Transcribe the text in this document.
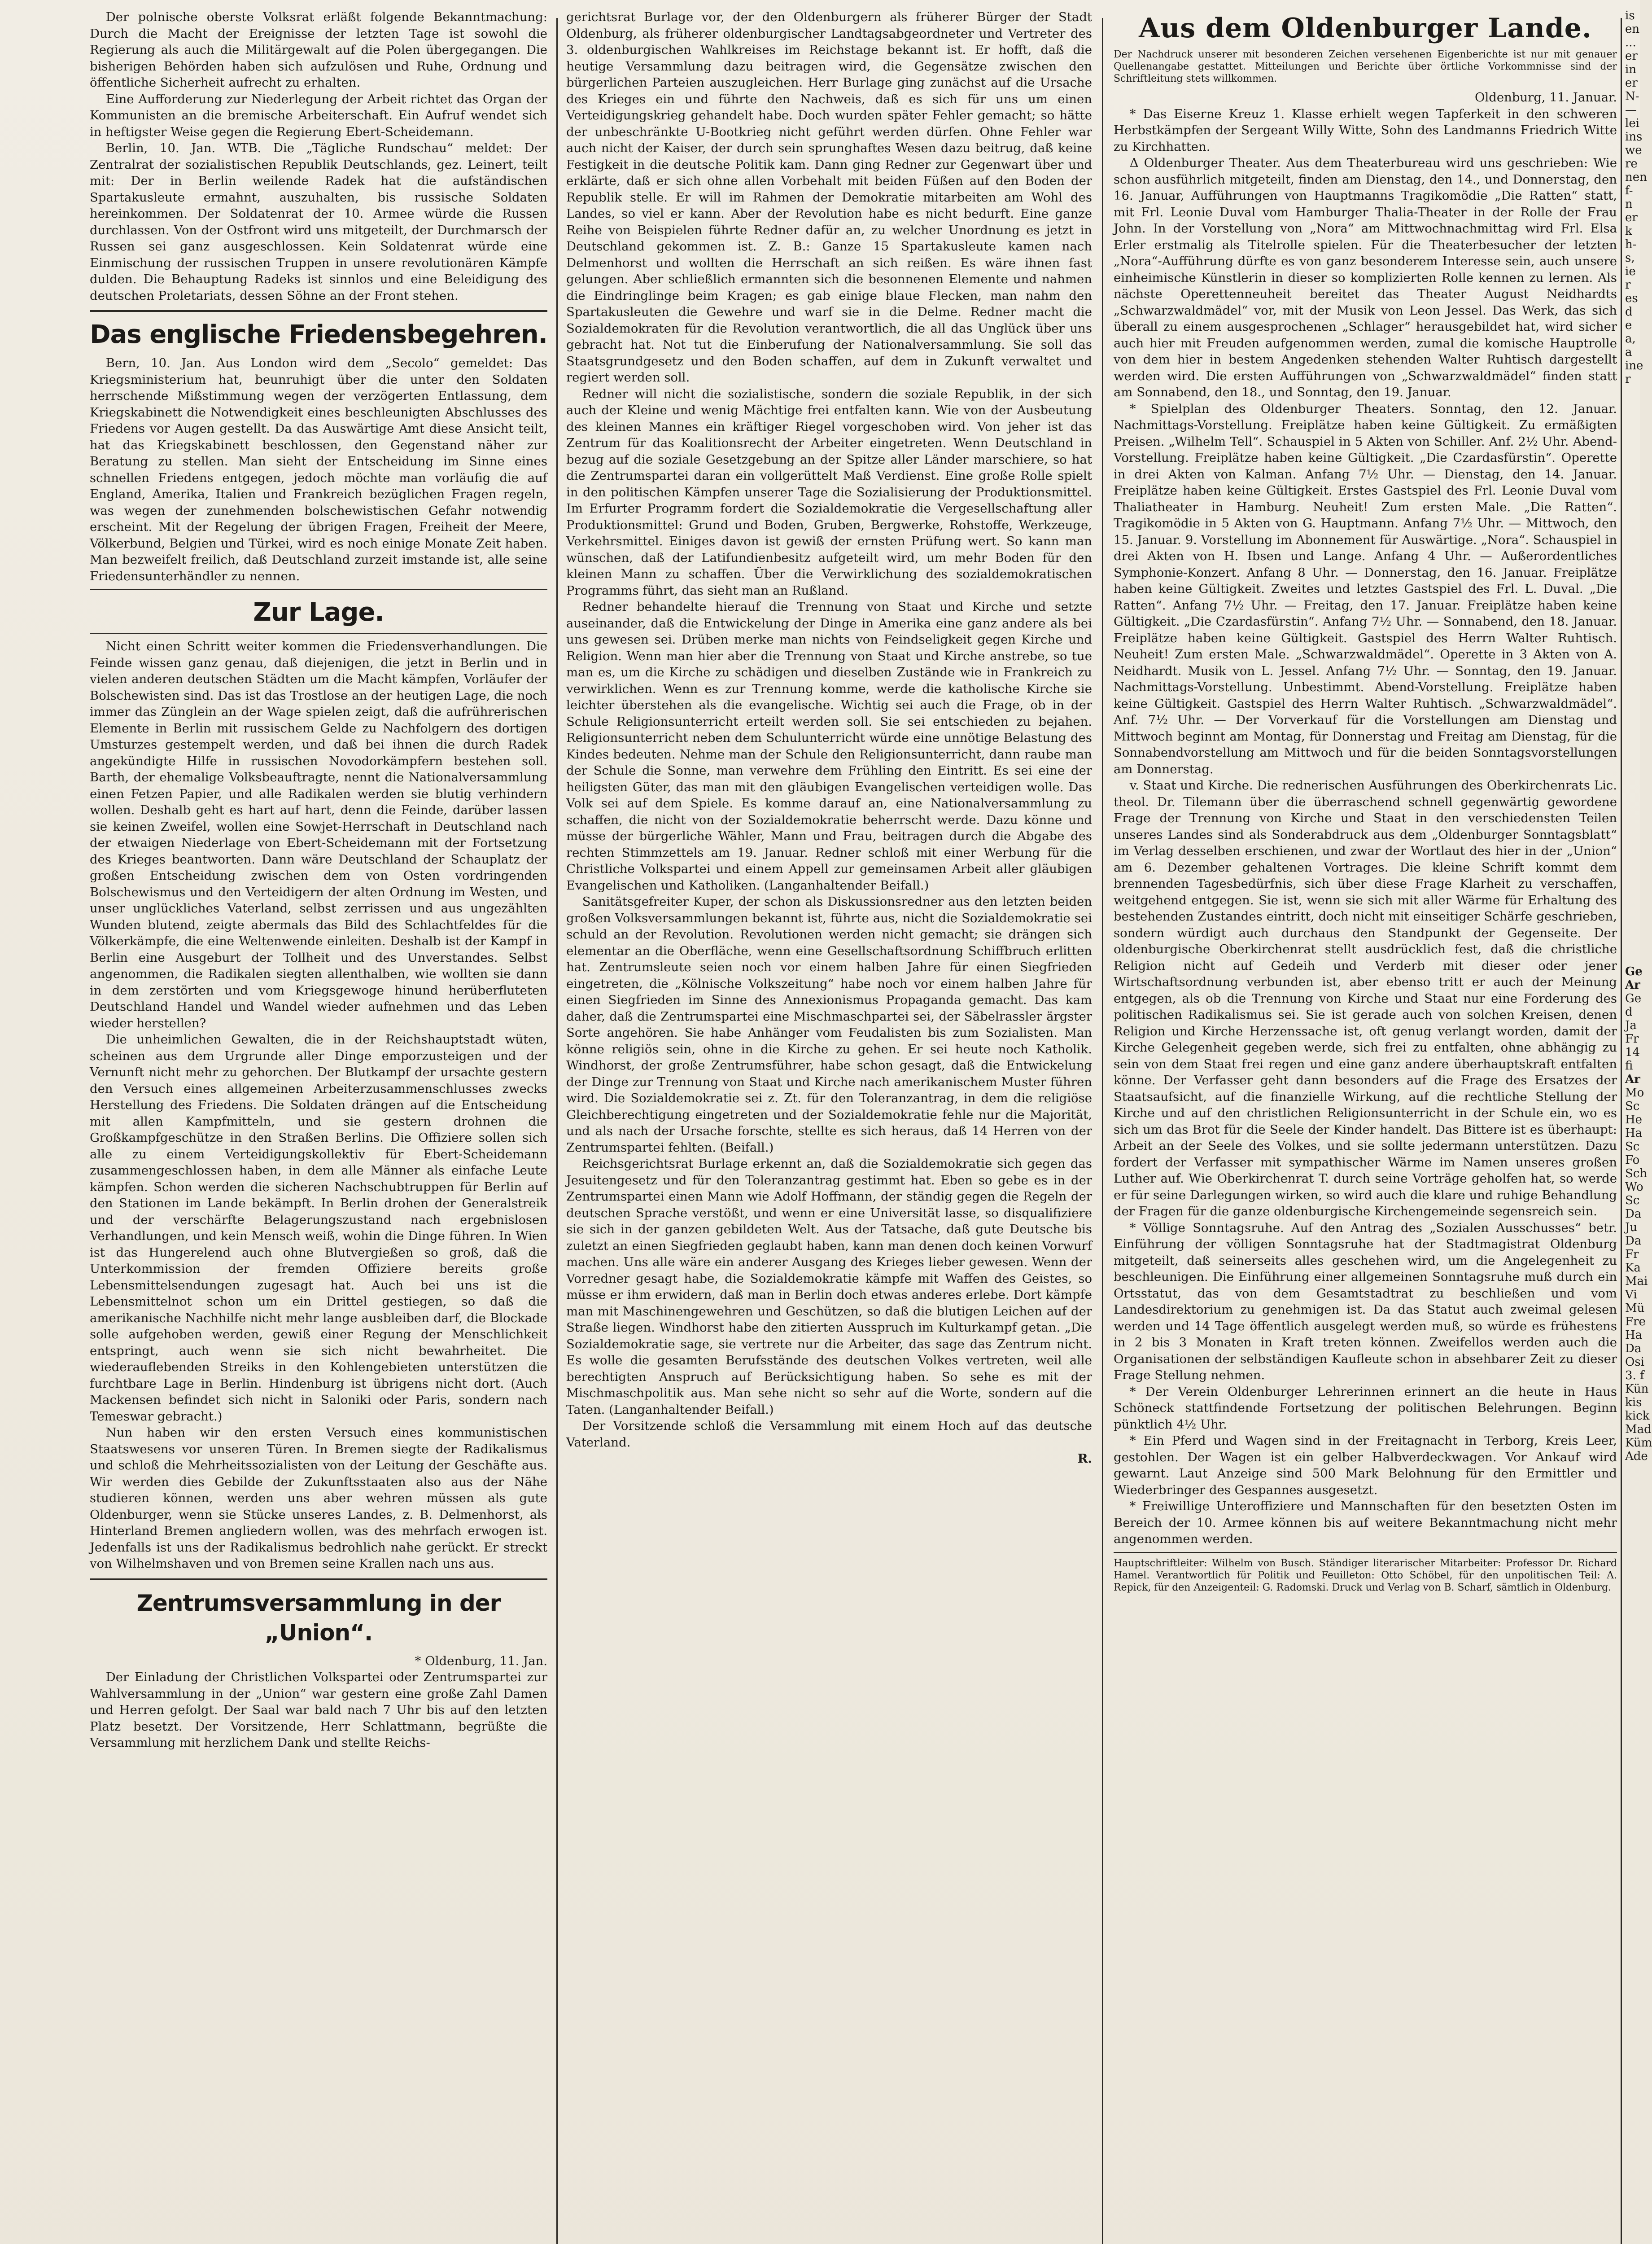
Der polnische oberste Volksrat erläßt folgende Bekanntmachung: Durch die Macht der Ereignisse der letzten Tage ist sowohl die Regierung als auch die Militärgewalt auf die Polen übergegangen. Die bisherigen Behörden haben sich aufzulösen und Ruhe, Ordnung und öffentliche Sicherheit aufrecht zu erhalten.

Eine Aufforderung zur Niederlegung der Arbeit richtet das Organ der Kommunisten an die bremische Arbeiterschaft. Ein Aufruf wendet sich in heftigster Weise gegen die Regierung Ebert-Scheidemann.

Berlin, 10. Jan. WTB. Die „Tägliche Rundschau“ meldet: Der Zentralrat der sozialistischen Republik Deutschlands, gez. Leinert, teilt mit: Der in Berlin weilende Radek hat die aufständischen Spartakusleute ermahnt, auszuhalten, bis russische Soldaten hereinkommen. Der Soldatenrat der 10. Armee würde die Russen durchlassen. Von der Ostfront wird uns mitgeteilt, der Durchmarsch der Russen sei ganz ausgeschlossen. Kein Soldatenrat würde eine Einmischung der russischen Truppen in unsere revolutionären Kämpfe dulden. Die Behauptung Radeks ist sinnlos und eine Beleidigung des deutschen Proletariats, dessen Söhne an der Front stehen.

Das englische Friedensbegehren.

Bern, 10. Jan. Aus London wird dem „Secolo“ gemeldet: Das Kriegsministerium hat, beunruhigt über die unter den Soldaten herrschende Mißstimmung wegen der verzögerten Entlassung, dem Kriegskabinett die Notwendigkeit eines beschleunigten Abschlusses des Friedens vor Augen gestellt. Da das Auswärtige Amt diese Ansicht teilt, hat das Kriegskabinett beschlossen, den Gegenstand näher zur Beratung zu stellen. Man sieht der Entscheidung im Sinne eines schnellen Friedens entgegen, jedoch möchte man vorläufig die auf England, Amerika, Italien und Frankreich bezüglichen Fragen regeln, was wegen der zunehmenden bolschewistischen Gefahr notwendig erscheint. Mit der Regelung der übrigen Fragen, Freiheit der Meere, Völkerbund, Belgien und Türkei, wird es noch einige Monate Zeit haben. Man bezweifelt freilich, daß Deutschland zurzeit imstande ist, alle seine Friedensunterhändler zu nennen.

Zur Lage.

Nicht einen Schritt weiter kommen die Friedensverhandlungen. Die Feinde wissen ganz genau, daß diejenigen, die jetzt in Berlin und in vielen anderen deutschen Städten um die Macht kämpfen, Vorläufer der Bolschewisten sind. Das ist das Trostlose an der heutigen Lage, die noch immer das Zünglein an der Wage spielen zeigt, daß die aufrührerischen Elemente in Berlin mit russischem Gelde zu Nachfolgern des dortigen Umsturzes gestempelt werden, und daß bei ihnen die durch Radek angekündigte Hilfe in russischen Novodorkämpfern bestehen soll. Barth, der ehemalige Volksbeauftragte, nennt die Nationalversammlung einen Fetzen Papier, und alle Radikalen werden sie blutig verhindern wollen. Deshalb geht es hart auf hart, denn die Feinde, darüber lassen sie keinen Zweifel, wollen eine Sowjet-Herrschaft in Deutschland nach der etwaigen Niederlage von Ebert-Scheidemann mit der Fortsetzung des Krieges beantworten. Dann wäre Deutschland der Schauplatz der großen Entscheidung zwischen dem von Osten vordringenden Bolschewismus und den Verteidigern der alten Ordnung im Westen, und unser unglückliches Vaterland, selbst zerrissen und aus ungezählten Wunden blutend, zeigte abermals das Bild des Schlachtfeldes für die Völkerkämpfe, die eine Weltenwende einleiten. Deshalb ist der Kampf in Berlin eine Ausgeburt der Tollheit und des Unverstandes. Selbst angenommen, die Radikalen siegten allenthalben, wie wollten sie dann in dem zerstörten und vom Kriegsgewoge hinund herüberfluteten Deutschland Handel und Wandel wieder aufnehmen und das Leben wieder herstellen?

Die unheimlichen Gewalten, die in der Reichshauptstadt wüten, scheinen aus dem Urgrunde aller Dinge emporzusteigen und der Vernunft nicht mehr zu gehorchen. Der Blutkampf der ursachte gestern den Versuch eines allgemeinen Arbeiterzusammenschlusses zwecks Herstellung des Friedens. Die Soldaten drängen auf die Entscheidung mit allen Kampfmitteln, und sie gestern drohnen die Großkampfgeschütze in den Straßen Berlins. Die Offiziere sollen sich alle zu einem Verteidigungskollektiv für Ebert-Scheidemann zusammengeschlossen haben, in dem alle Männer als einfache Leute kämpfen. Schon werden die sicheren Nachschubtruppen für Berlin auf den Stationen im Lande bekämpft. In Berlin drohen der Generalstreik und der verschärfte Belagerungszustand nach ergebnislosen Verhandlungen, und kein Mensch weiß, wohin die Dinge führen. In Wien ist das Hungerelend auch ohne Blutvergießen so groß, daß die Unterkommission der fremden Offiziere bereits große Lebensmittelsendungen zugesagt hat. Auch bei uns ist die Lebensmittelnot schon um ein Drittel gestiegen, so daß die amerikanische Nachhilfe nicht mehr lange ausbleiben darf, die Blockade solle aufgehoben werden, gewiß einer Regung der Menschlichkeit entspringt, auch wenn sie sich nicht bewahrheitet. Die wiederauflebenden Streiks in den Kohlengebieten unterstützen die furchtbare Lage in Berlin. Hindenburg ist übrigens nicht dort. (Auch Mackensen befindet sich nicht in Saloniki oder Paris, sondern nach Temeswar gebracht.)

Nun haben wir den ersten Versuch eines kommunistischen Staatswesens vor unseren Türen. In Bremen siegte der Radikalismus und schloß die Mehrheitssozialisten von der Leitung der Geschäfte aus. Wir werden dies Gebilde der Zukunftsstaaten also aus der Nähe studieren können, werden uns aber wehren müssen als gute Oldenburger, wenn sie Stücke unseres Landes, z. B. Delmenhorst, als Hinterland Bremen angliedern wollen, was des mehrfach erwogen ist. Jedenfalls ist uns der Radikalismus bedrohlich nahe gerückt. Er streckt von Wilhelmshaven und von Bremen seine Krallen nach uns aus.

Zentrumsversammlung in der „Union“.

* Oldenburg, 11. Jan.

Der Einladung der Christlichen Volkspartei oder Zentrumspartei zur Wahlversammlung in der „Union“ war gestern eine große Zahl Damen und Herren gefolgt. Der Saal war bald nach 7 Uhr bis auf den letzten Platz besetzt. Der Vorsitzende, Herr Schlattmann, begrüßte die Versammlung mit herzlichem Dank und stellte Reichs-

gerichtsrat Burlage vor, der den Oldenburgern als früherer Bürger der Stadt Oldenburg, als früherer oldenburgischer Landtagsabgeordneter und Vertreter des 3. oldenburgischen Wahlkreises im Reichstage bekannt ist. Er hofft, daß die heutige Versammlung dazu beitragen wird, die Gegensätze zwischen den bürgerlichen Parteien auszugleichen. Herr Burlage ging zunächst auf die Ursache des Krieges ein und führte den Nachweis, daß es sich für uns um einen Verteidigungskrieg gehandelt habe. Doch wurden später Fehler gemacht; so hätte der unbeschränkte U-Bootkrieg nicht geführt werden dürfen. Ohne Fehler war auch nicht der Kaiser, der durch sein sprunghaftes Wesen dazu beitrug, daß keine Festigkeit in die deutsche Politik kam. Dann ging Redner zur Gegenwart über und erklärte, daß er sich ohne allen Vorbehalt mit beiden Füßen auf den Boden der Republik stelle. Er will im Rahmen der Demokratie mitarbeiten am Wohl des Landes, so viel er kann. Aber der Revolution habe es nicht bedurft. Eine ganze Reihe von Beispielen führte Redner dafür an, zu welcher Unordnung es jetzt in Deutschland gekommen ist. Z. B.: Ganze 15 Spartakusleute kamen nach Delmenhorst und wollten die Herrschaft an sich reißen. Es wäre ihnen fast gelungen. Aber schließlich ermannten sich die besonnenen Elemente und nahmen die Eindringlinge beim Kragen; es gab einige blaue Flecken, man nahm den Spartakusleuten die Gewehre und warf sie in die Delme. Redner macht die Sozialdemokraten für die Revolution verantwortlich, die all das Unglück über uns gebracht hat. Not tut die Einberufung der Nationalversammlung. Sie soll das Staatsgrundgesetz und den Boden schaffen, auf dem in Zukunft verwaltet und regiert werden soll.

Redner will nicht die sozialistische, sondern die soziale Republik, in der sich auch der Kleine und wenig Mächtige frei entfalten kann. Wie von der Ausbeutung des kleinen Mannes ein kräftiger Riegel vorgeschoben wird. Von jeher ist das Zentrum für das Koalitionsrecht der Arbeiter eingetreten. Wenn Deutschland in bezug auf die soziale Gesetzgebung an der Spitze aller Länder marschiere, so hat die Zentrumspartei daran ein vollgerüttelt Maß Verdienst. Eine große Rolle spielt in den politischen Kämpfen unserer Tage die Sozialisierung der Produktionsmittel. Im Erfurter Programm fordert die Sozialdemokratie die Vergesellschaftung aller Produktionsmittel: Grund und Boden, Gruben, Bergwerke, Rohstoffe, Werkzeuge, Verkehrsmittel. Einiges davon ist gewiß der ernsten Prüfung wert. So kann man wünschen, daß der Latifundienbesitz aufgeteilt wird, um mehr Boden für den kleinen Mann zu schaffen. Über die Verwirklichung des sozialdemokratischen Programms führt, das sieht man an Rußland.

Redner behandelte hierauf die Trennung von Staat und Kirche und setzte auseinander, daß die Entwickelung der Dinge in Amerika eine ganz andere als bei uns gewesen sei. Drüben merke man nichts von Feindseligkeit gegen Kirche und Religion. Wenn man hier aber die Trennung von Staat und Kirche anstrebe, so tue man es, um die Kirche zu schädigen und dieselben Zustände wie in Frankreich zu verwirklichen. Wenn es zur Trennung komme, werde die katholische Kirche sie leichter überstehen als die evangelische. Wichtig sei auch die Frage, ob in der Schule Religionsunterricht erteilt werden soll. Sie sei entschieden zu bejahen. Religionsunterricht neben dem Schulunterricht würde eine unnötige Belastung des Kindes bedeuten. Nehme man der Schule den Religionsunterricht, dann raube man der Schule die Sonne, man verwehre dem Frühling den Eintritt. Es sei eine der heiligsten Güter, das man mit den gläubigen Evangelischen verteidigen wolle. Das Volk sei auf dem Spiele. Es komme darauf an, eine Nationalversammlung zu schaffen, die nicht von der Sozialdemokratie beherrscht werde. Dazu könne und müsse der bürgerliche Wähler, Mann und Frau, beitragen durch die Abgabe des rechten Stimmzettels am 19. Januar. Redner schloß mit einer Werbung für die Christliche Volkspartei und einem Appell zur gemeinsamen Arbeit aller gläubigen Evangelischen und Katholiken. (Langanhaltender Beifall.)

Sanitätsgefreiter Kuper, der schon als Diskussionsredner aus den letzten beiden großen Volksversammlungen bekannt ist, führte aus, nicht die Sozialdemokratie sei schuld an der Revolution. Revolutionen werden nicht gemacht; sie drängen sich elementar an die Oberfläche, wenn eine Gesellschaftsordnung Schiffbruch erlitten hat. Zentrumsleute seien noch vor einem halben Jahre für einen Siegfrieden eingetreten, die „Kölnische Volkszeitung“ habe noch vor einem halben Jahre für einen Siegfrieden im Sinne des Annexionismus Propaganda gemacht. Das kam daher, daß die Zentrumspartei eine Mischmaschpartei sei, der Säbelrassler ärgster Sorte angehören. Sie habe Anhänger vom Feudalisten bis zum Sozialisten. Man könne religiös sein, ohne in die Kirche zu gehen. Er sei heute noch Katholik. Windhorst, der große Zentrumsführer, habe schon gesagt, daß die Entwickelung der Dinge zur Trennung von Staat und Kirche nach amerikanischem Muster führen wird. Die Sozialdemokratie sei z. Zt. für den Toleranzantrag, in dem die religiöse Gleichberechtigung eingetreten und der Sozialdemokratie fehle nur die Majorität, und als nach der Ursache forschte, stellte es sich heraus, daß 14 Herren von der Zentrumspartei fehlten. (Beifall.)

Reichsgerichtsrat Burlage erkennt an, daß die Sozialdemokratie sich gegen das Jesuitengesetz und für den Toleranzantrag gestimmt hat. Eben so gebe es in der Zentrumspartei einen Mann wie Adolf Hoffmann, der ständig gegen die Regeln der deutschen Sprache verstößt, und wenn er eine Universität lasse, so disqualifiziere sie sich in der ganzen gebildeten Welt. Aus der Tatsache, daß gute Deutsche bis zuletzt an einen Siegfrieden geglaubt haben, kann man denen doch keinen Vorwurf machen. Uns alle wäre ein anderer Ausgang des Krieges lieber gewesen. Wenn der Vorredner gesagt habe, die Sozialdemokratie kämpfe mit Waffen des Geistes, so müsse er ihm erwidern, daß man in Berlin doch etwas anderes erlebe. Dort kämpfe man mit Maschinengewehren und Geschützen, so daß die blutigen Leichen auf der Straße liegen. Windhorst habe den zitierten Ausspruch im Kulturkampf getan. „Die Sozialdemokratie sage, sie vertrete nur die Arbeiter, das sage das Zentrum nicht. Es wolle die gesamten Berufsstände des deutschen Volkes vertreten, weil alle berechtigten Anspruch auf Berücksichtigung haben. So sehe es mit der Mischmaschpolitik aus. Man sehe nicht so sehr auf die Worte, sondern auf die Taten. (Langanhaltender Beifall.)

Der Vorsitzende schloß die Versammlung mit einem Hoch auf das deutsche Vaterland.

R.

Aus dem Oldenburger Lande.

Der Nachdruck unserer mit besonderen Zeichen versehenen Eigenberichte ist nur mit genauer Quellenangabe gestattet. Mitteilungen und Berichte über örtliche Vorkommnisse sind der Schriftleitung stets willkommen.

Oldenburg, 11. Januar.

* Das Eiserne Kreuz 1. Klasse erhielt wegen Tapferkeit in den schweren Herbstkämpfen der Sergeant Willy Witte, Sohn des Landmanns Friedrich Witte zu Kirchhatten.

Δ Oldenburger Theater. Aus dem Theaterbureau wird uns geschrieben: Wie schon ausführlich mitgeteilt, finden am Dienstag, den 14., und Donnerstag, den 16. Januar, Aufführungen von Hauptmanns Tragikomödie „Die Ratten“ statt, mit Frl. Leonie Duval vom Hamburger Thalia-Theater in der Rolle der Frau John. In der Vorstellung von „Nora“ am Mittwochnachmittag wird Frl. Elsa Erler erstmalig als Titelrolle spielen. Für die Theaterbesucher der letzten „Nora“-Aufführung dürfte es von ganz besonderem Interesse sein, auch unsere einheimische Künstlerin in dieser so komplizierten Rolle kennen zu lernen. Als nächste Operettenneuheit bereitet das Theater August Neidhardts „Schwarzwaldmädel“ vor, mit der Musik von Leon Jessel. Das Werk, das sich überall zu einem ausgesprochenen „Schlager“ herausgebildet hat, wird sicher auch hier mit Freuden aufgenommen werden, zumal die komische Hauptrolle von dem hier in bestem Angedenken stehenden Walter Ruhtisch dargestellt werden wird. Die ersten Aufführungen von „Schwarzwaldmädel“ finden statt am Sonnabend, den 18., und Sonntag, den 19. Januar.

* Spielplan des Oldenburger Theaters. Sonntag, den 12. Januar. Nachmittags-Vorstellung. Freiplätze haben keine Gültigkeit. Zu ermäßigten Preisen. „Wilhelm Tell“. Schauspiel in 5 Akten von Schiller. Anf. 2½ Uhr. Abend-Vorstellung. Freiplätze haben keine Gültigkeit. „Die Czardasfürstin“. Operette in drei Akten von Kalman. Anfang 7½ Uhr. — Dienstag, den 14. Januar. Freiplätze haben keine Gültigkeit. Erstes Gastspiel des Frl. Leonie Duval vom Thaliatheater in Hamburg. Neuheit! Zum ersten Male. „Die Ratten“. Tragikomödie in 5 Akten von G. Hauptmann. Anfang 7½ Uhr. — Mittwoch, den 15. Januar. 9. Vorstellung im Abonnement für Auswärtige. „Nora“. Schauspiel in drei Akten von H. Ibsen und Lange. Anfang 4 Uhr. — Außerordentliches Symphonie-Konzert. Anfang 8 Uhr. — Donnerstag, den 16. Januar. Freiplätze haben keine Gültigkeit. Zweites und letztes Gastspiel des Frl. L. Duval. „Die Ratten“. Anfang 7½ Uhr. — Freitag, den 17. Januar. Freiplätze haben keine Gültigkeit. „Die Czardasfürstin“. Anfang 7½ Uhr. — Sonnabend, den 18. Januar. Freiplätze haben keine Gültigkeit. Gastspiel des Herrn Walter Ruhtisch. Neuheit! Zum ersten Male. „Schwarzwaldmädel“. Operette in 3 Akten von A. Neidhardt. Musik von L. Jessel. Anfang 7½ Uhr. — Sonntag, den 19. Januar. Nachmittags-Vorstellung. Unbestimmt. Abend-Vorstellung. Freiplätze haben keine Gültigkeit. Gastspiel des Herrn Walter Ruhtisch. „Schwarzwaldmädel“. Anf. 7½ Uhr. — Der Vorverkauf für die Vorstellungen am Dienstag und Mittwoch beginnt am Montag, für Donnerstag und Freitag am Dienstag, für die Sonnabendvorstellung am Mittwoch und für die beiden Sonntagsvorstellungen am Donnerstag.

v. Staat und Kirche. Die rednerischen Ausführungen des Oberkirchenrats Lic. theol. Dr. Tilemann über die überraschend schnell gegenwärtig gewordene Frage der Trennung von Kirche und Staat in den verschiedensten Teilen unseres Landes sind als Sonderabdruck aus dem „Oldenburger Sonntagsblatt“ im Verlag desselben erschienen, und zwar der Wortlaut des hier in der „Union“ am 6. Dezember gehaltenen Vortrages. Die kleine Schrift kommt dem brennenden Tagesbedürfnis, sich über diese Frage Klarheit zu verschaffen, weitgehend entgegen. Sie ist, wenn sie sich mit aller Wärme für Erhaltung des bestehenden Zustandes eintritt, doch nicht mit einseitiger Schärfe geschrieben, sondern würdigt auch durchaus den Standpunkt der Gegenseite. Der oldenburgische Oberkirchenrat stellt ausdrücklich fest, daß die christliche Religion nicht auf Gedeih und Verderb mit dieser oder jener Wirtschaftsordnung verbunden ist, aber ebenso tritt er auch der Meinung entgegen, als ob die Trennung von Kirche und Staat nur eine Forderung des politischen Radikalismus sei. Sie ist gerade auch von solchen Kreisen, denen Religion und Kirche Herzenssache ist, oft genug verlangt worden, damit der Kirche Gelegenheit gegeben werde, sich frei zu entfalten, ohne abhängig zu sein von dem Staat frei regen und eine ganz andere überhauptskraft entfalten könne. Der Verfasser geht dann besonders auf die Frage des Ersatzes der Staatsaufsicht, auf die finanzielle Wirkung, auf die rechtliche Stellung der Kirche und auf den christlichen Religionsunterricht in der Schule ein, wo es sich um das Brot für die Seele der Kinder handelt. Das Bittere ist es überhaupt: Arbeit an der Seele des Volkes, und sie sollte jedermann unterstützen. Dazu fordert der Verfasser mit sympathischer Wärme im Namen unseres großen Luther auf. Wie Oberkirchenrat T. durch seine Vorträge geholfen hat, so werde er für seine Darlegungen wirken, so wird auch die klare und ruhige Behandlung der Fragen für die ganze oldenburgische Kirchengemeinde segensreich sein.

* Völlige Sonntagsruhe. Auf den Antrag des „Sozialen Ausschusses“ betr. Einführung der völligen Sonntagsruhe hat der Stadtmagistrat Oldenburg mitgeteilt, daß seinerseits alles geschehen wird, um die Angelegenheit zu beschleunigen. Die Einführung einer allgemeinen Sonntagsruhe muß durch ein Ortsstatut, das von dem Gesamtstadtrat zu beschließen und vom Landesdirektorium zu genehmigen ist. Da das Statut auch zweimal gelesen werden und 14 Tage öffentlich ausgelegt werden muß, so würde es frühestens in 2 bis 3 Monaten in Kraft treten können. Zweifellos werden auch die Organisationen der selbständigen Kaufleute schon in absehbarer Zeit zu dieser Frage Stellung nehmen.

* Der Verein Oldenburger Lehrerinnen erinnert an die heute in Haus Schöneck stattfindende Fortsetzung der politischen Belehrungen. Beginn pünktlich 4½ Uhr.

* Ein Pferd und Wagen sind in der Freitagnacht in Terborg, Kreis Leer, gestohlen. Der Wagen ist ein gelber Halbverdeckwagen. Vor Ankauf wird gewarnt. Laut Anzeige sind 500 Mark Belohnung für den Ermittler und Wiederbringer des Gespannes ausgesetzt.

* Freiwillige Unteroffiziere und Mannschaften für den besetzten Osten im Bereich der 10. Armee können bis auf weitere Bekanntmachung nicht mehr angenommen werden.

Hauptschriftleiter: Wilhelm von Busch. Ständiger literarischer Mitarbeiter: Professor Dr. Richard Hamel. Verantwortlich für Politik und Feuilleton: Otto Schöbel, für den unpolitischen Teil: A. Repick, für den Anzeigenteil: G. Radomski. Druck und Verlag von B. Scharf, sämtlich in Oldenburg.

is
en
...
er
in
er
N-
—
lei
ins
we
re
nen
f-
n
er
k
h-
s,
ie
r
es
d
e
a,
a
ine
r
Ge
Ar
Ge
d
Ja
Fr
14
fi
Ar
Mo
Sc
He
Ha
Sc
Fo
Sch
Wo
Sc
Da
Ju
Da
Fr
Ka
Mai
Vi
Mü
Fre
Ha
Da
Osi
3. f
Kün
kis
kick
Mad
Küm
Ade
